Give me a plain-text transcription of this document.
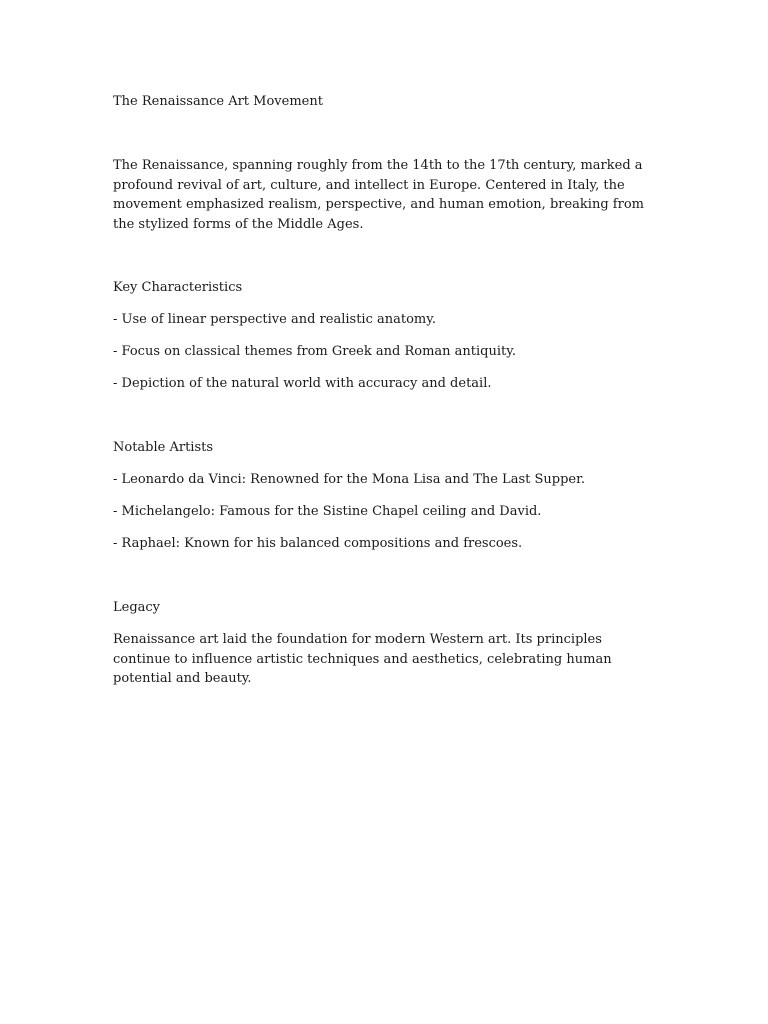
The Renaissance Art Movement

The Renaissance, spanning roughly from the 14th to the 17th century, marked a profound revival of art, culture, and intellect in Europe. Centered in Italy, the movement emphasized realism, perspective, and human emotion, breaking from the stylized forms of the Middle Ages.

Key Characteristics

- Use of linear perspective and realistic anatomy.

- Focus on classical themes from Greek and Roman antiquity.

- Depiction of the natural world with accuracy and detail.

Notable Artists

- Leonardo da Vinci: Renowned for the Mona Lisa and The Last Supper.

- Michelangelo: Famous for the Sistine Chapel ceiling and David.

- Raphael: Known for his balanced compositions and frescoes.

Legacy

Renaissance art laid the foundation for modern Western art. Its principles continue to influence artistic techniques and aesthetics, celebrating human potential and beauty.
